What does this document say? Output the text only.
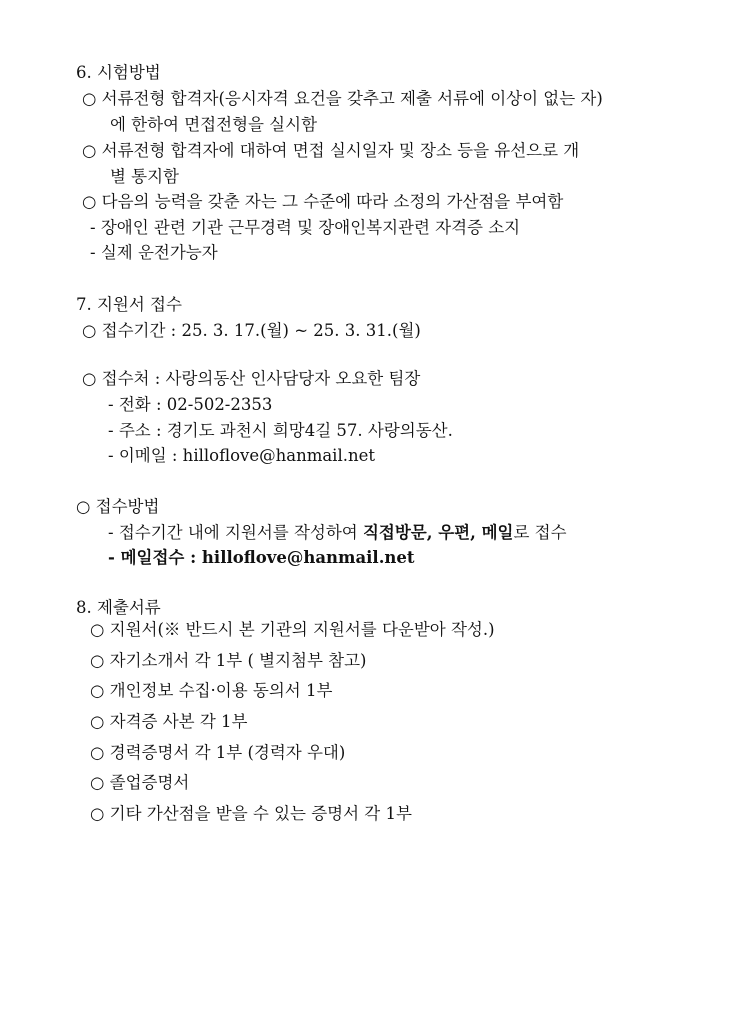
6. 시험방법
○ 서류전형 합격자(응시자격 요건을 갖추고 제출 서류에 이상이 없는 자)
에 한하여 면접전형을 실시함
○ 서류전형 합격자에 대하여 면접 실시일자 및 장소 등을 유선으로 개
별 통지함
○ 다음의 능력을 갖춘 자는 그 수준에 따라 소정의 가산점을 부여함
- 장애인 관련 기관 근무경력 및 장애인복지관련 자격증 소지
- 실제 운전가능자
7. 지원서 접수
○ 접수기간 : 25. 3. 17.(월) ~ 25. 3. 31.(월)
○ 접수처 : 사랑의동산 인사담당자 오요한 팀장
- 전화 : 02-502-2353
- 주소 : 경기도 과천시 희망4길 57. 사랑의동산.
- 이메일 : hilloflove@hanmail.net
○ 접수방법
- 접수기간 내에 지원서를 작성하여 직접방문, 우편, 메일로 접수
- 메일접수 : hilloflove@hanmail.net
8. 제출서류
○ 지원서(※ 반드시 본 기관의 지원서를 다운받아 작성.)
○ 자기소개서 각 1부 ( 별지첨부 참고)
○ 개인정보 수집·이용 동의서 1부
○ 자격증 사본 각 1부
○ 경력증명서 각 1부 (경력자 우대)
○ 졸업증명서
○ 기타 가산점을 받을 수 있는 증명서 각 1부
